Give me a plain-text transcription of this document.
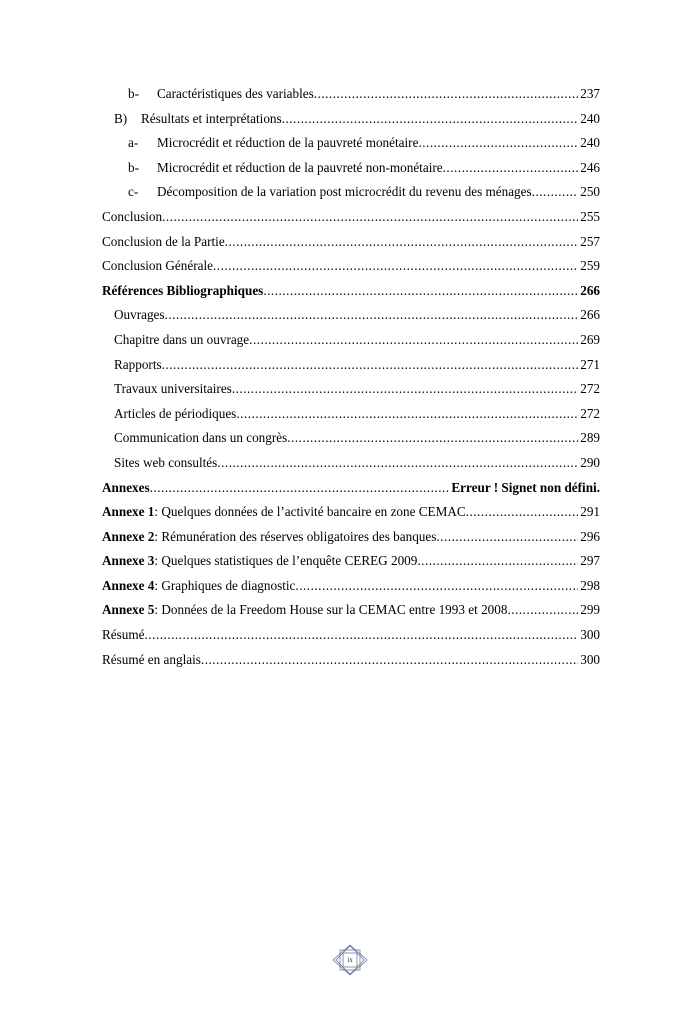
b-	Caractéristiques des variables .....	237
B)	Résultats et interprétations .....	240
a-	Microcrédit et réduction de la pauvreté monétaire .....	240
b-	Microcrédit et réduction de la pauvreté non-monétaire .....	246
c-	Décomposition de la variation post microcrédit du revenu des ménages .....	250
Conclusion .....	255
Conclusion de la Partie .....	257
Conclusion Générale .....	259
Références Bibliographiques .....	266
Ouvrages .....	266
Chapitre dans un ouvrage .....	269
Rapports .....	271
Travaux universitaires .....	272
Articles de périodiques .....	272
Communication dans un congrès .....	289
Sites web consultés .....	290
Annexes .....	Erreur ! Signet non défini.
Annexe 1 : Quelques données de l’activité bancaire en zone CEMAC .....	291
Annexe 2 : Rémunération des réserves obligatoires des banques .....	296
Annexe 3 : Quelques statistiques de l’enquête CEREG 2009 .....	297
Annexe 4 : Graphiques de diagnostic .....	298
Annexe 5 : Données de la Freedom House sur la CEMAC entre 1993 et 2008 .....	299
Résumé .....	300
Résumé en anglais .....	300
ix
